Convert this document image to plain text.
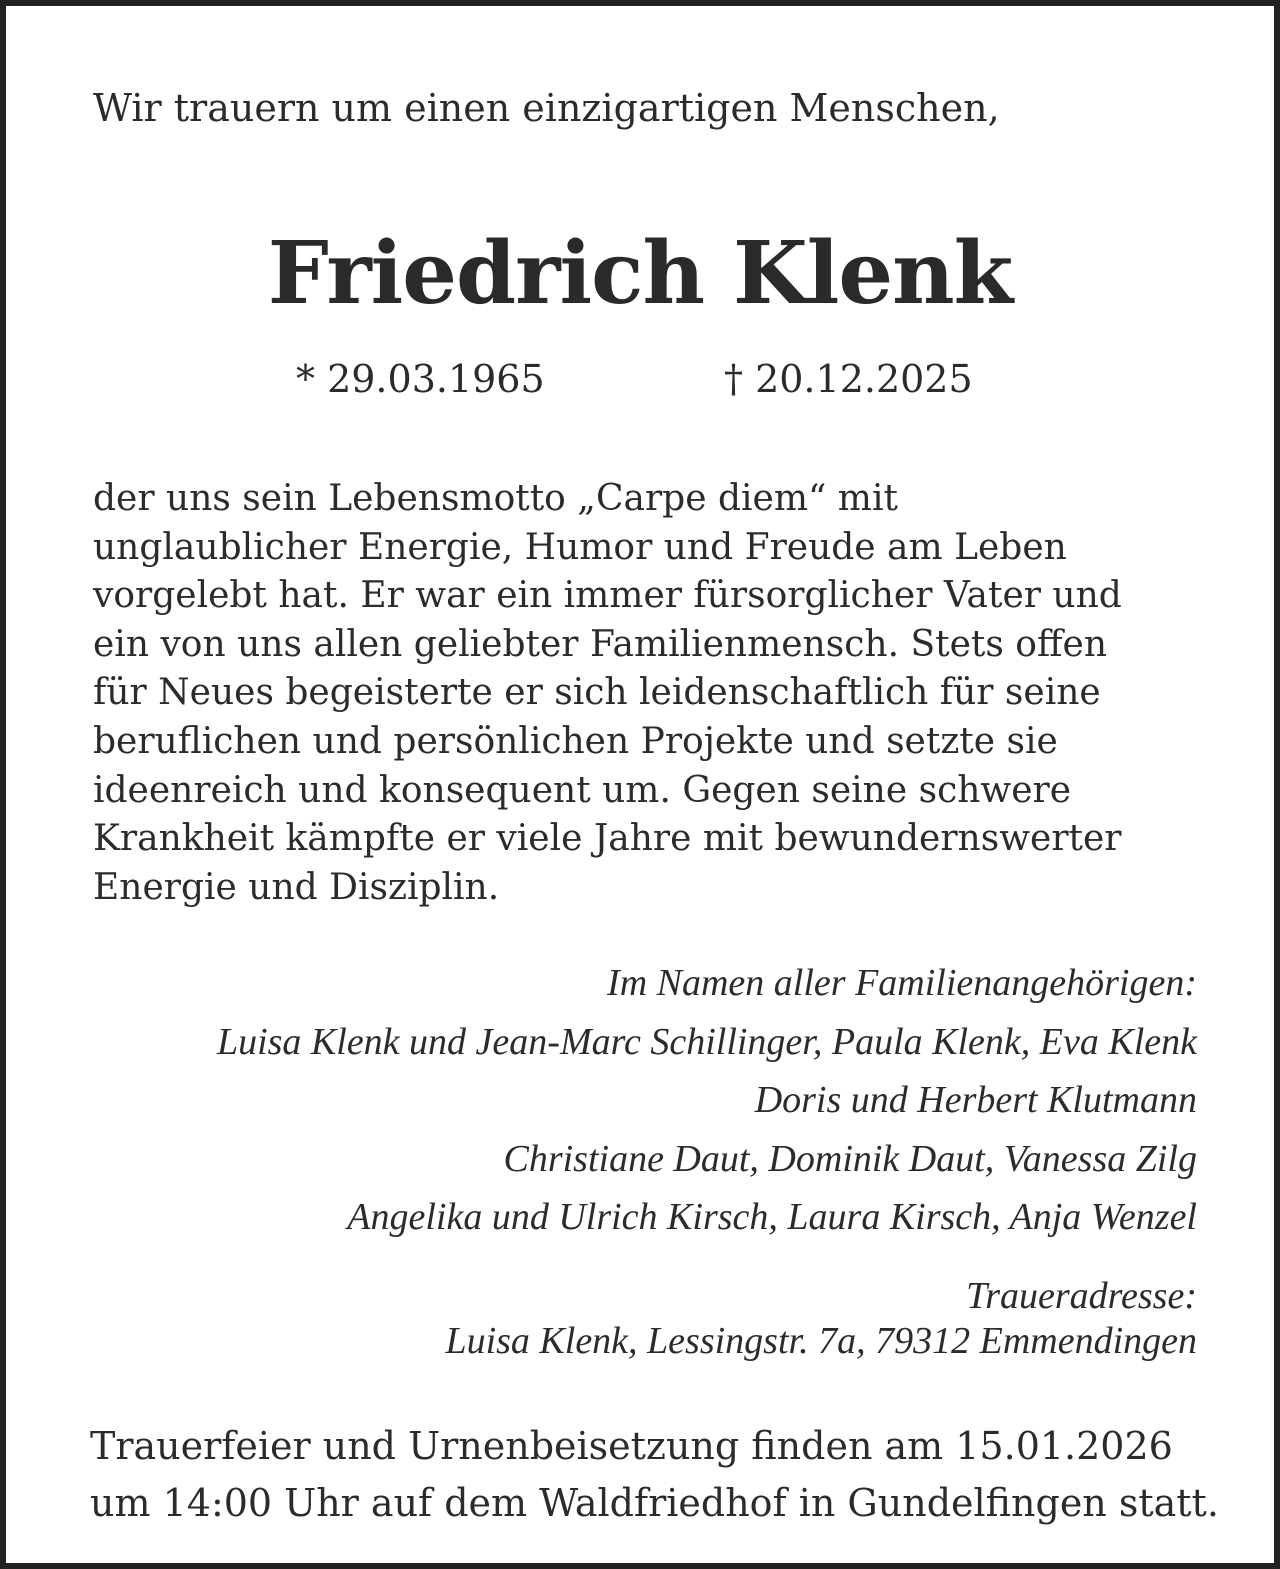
Wir trauern um einen einzigartigen Menschen,
Friedrich Klenk
* 29.03.1965	† 20.12.2025
der uns sein Lebensmotto „Carpe diem“ mit
unglaublicher Energie, Humor und Freude am Leben
vorgelebt hat. Er war ein immer fürsorglicher Vater und
ein von uns allen geliebter Familienmensch. Stets offen
für Neues begeisterte er sich leidenschaftlich für seine
beruflichen und persönlichen Projekte und setzte sie
ideenreich und konsequent um. Gegen seine schwere
Krankheit kämpfte er viele Jahre mit bewundernswerter
Energie und Disziplin.
Im Namen aller Familienangehörigen:
Luisa Klenk und Jean-Marc Schillinger, Paula Klenk, Eva Klenk
Doris und Herbert Klutmann
Christiane Daut, Dominik Daut, Vanessa Zilg
Angelika und Ulrich Kirsch, Laura Kirsch, Anja Wenzel
Traueradresse:
Luisa Klenk, Lessingstr. 7a, 79312 Emmendingen
Trauerfeier und Urnenbeisetzung finden am 15.01.2026
um 14:00 Uhr auf dem Waldfriedhof in Gundelfingen statt.
